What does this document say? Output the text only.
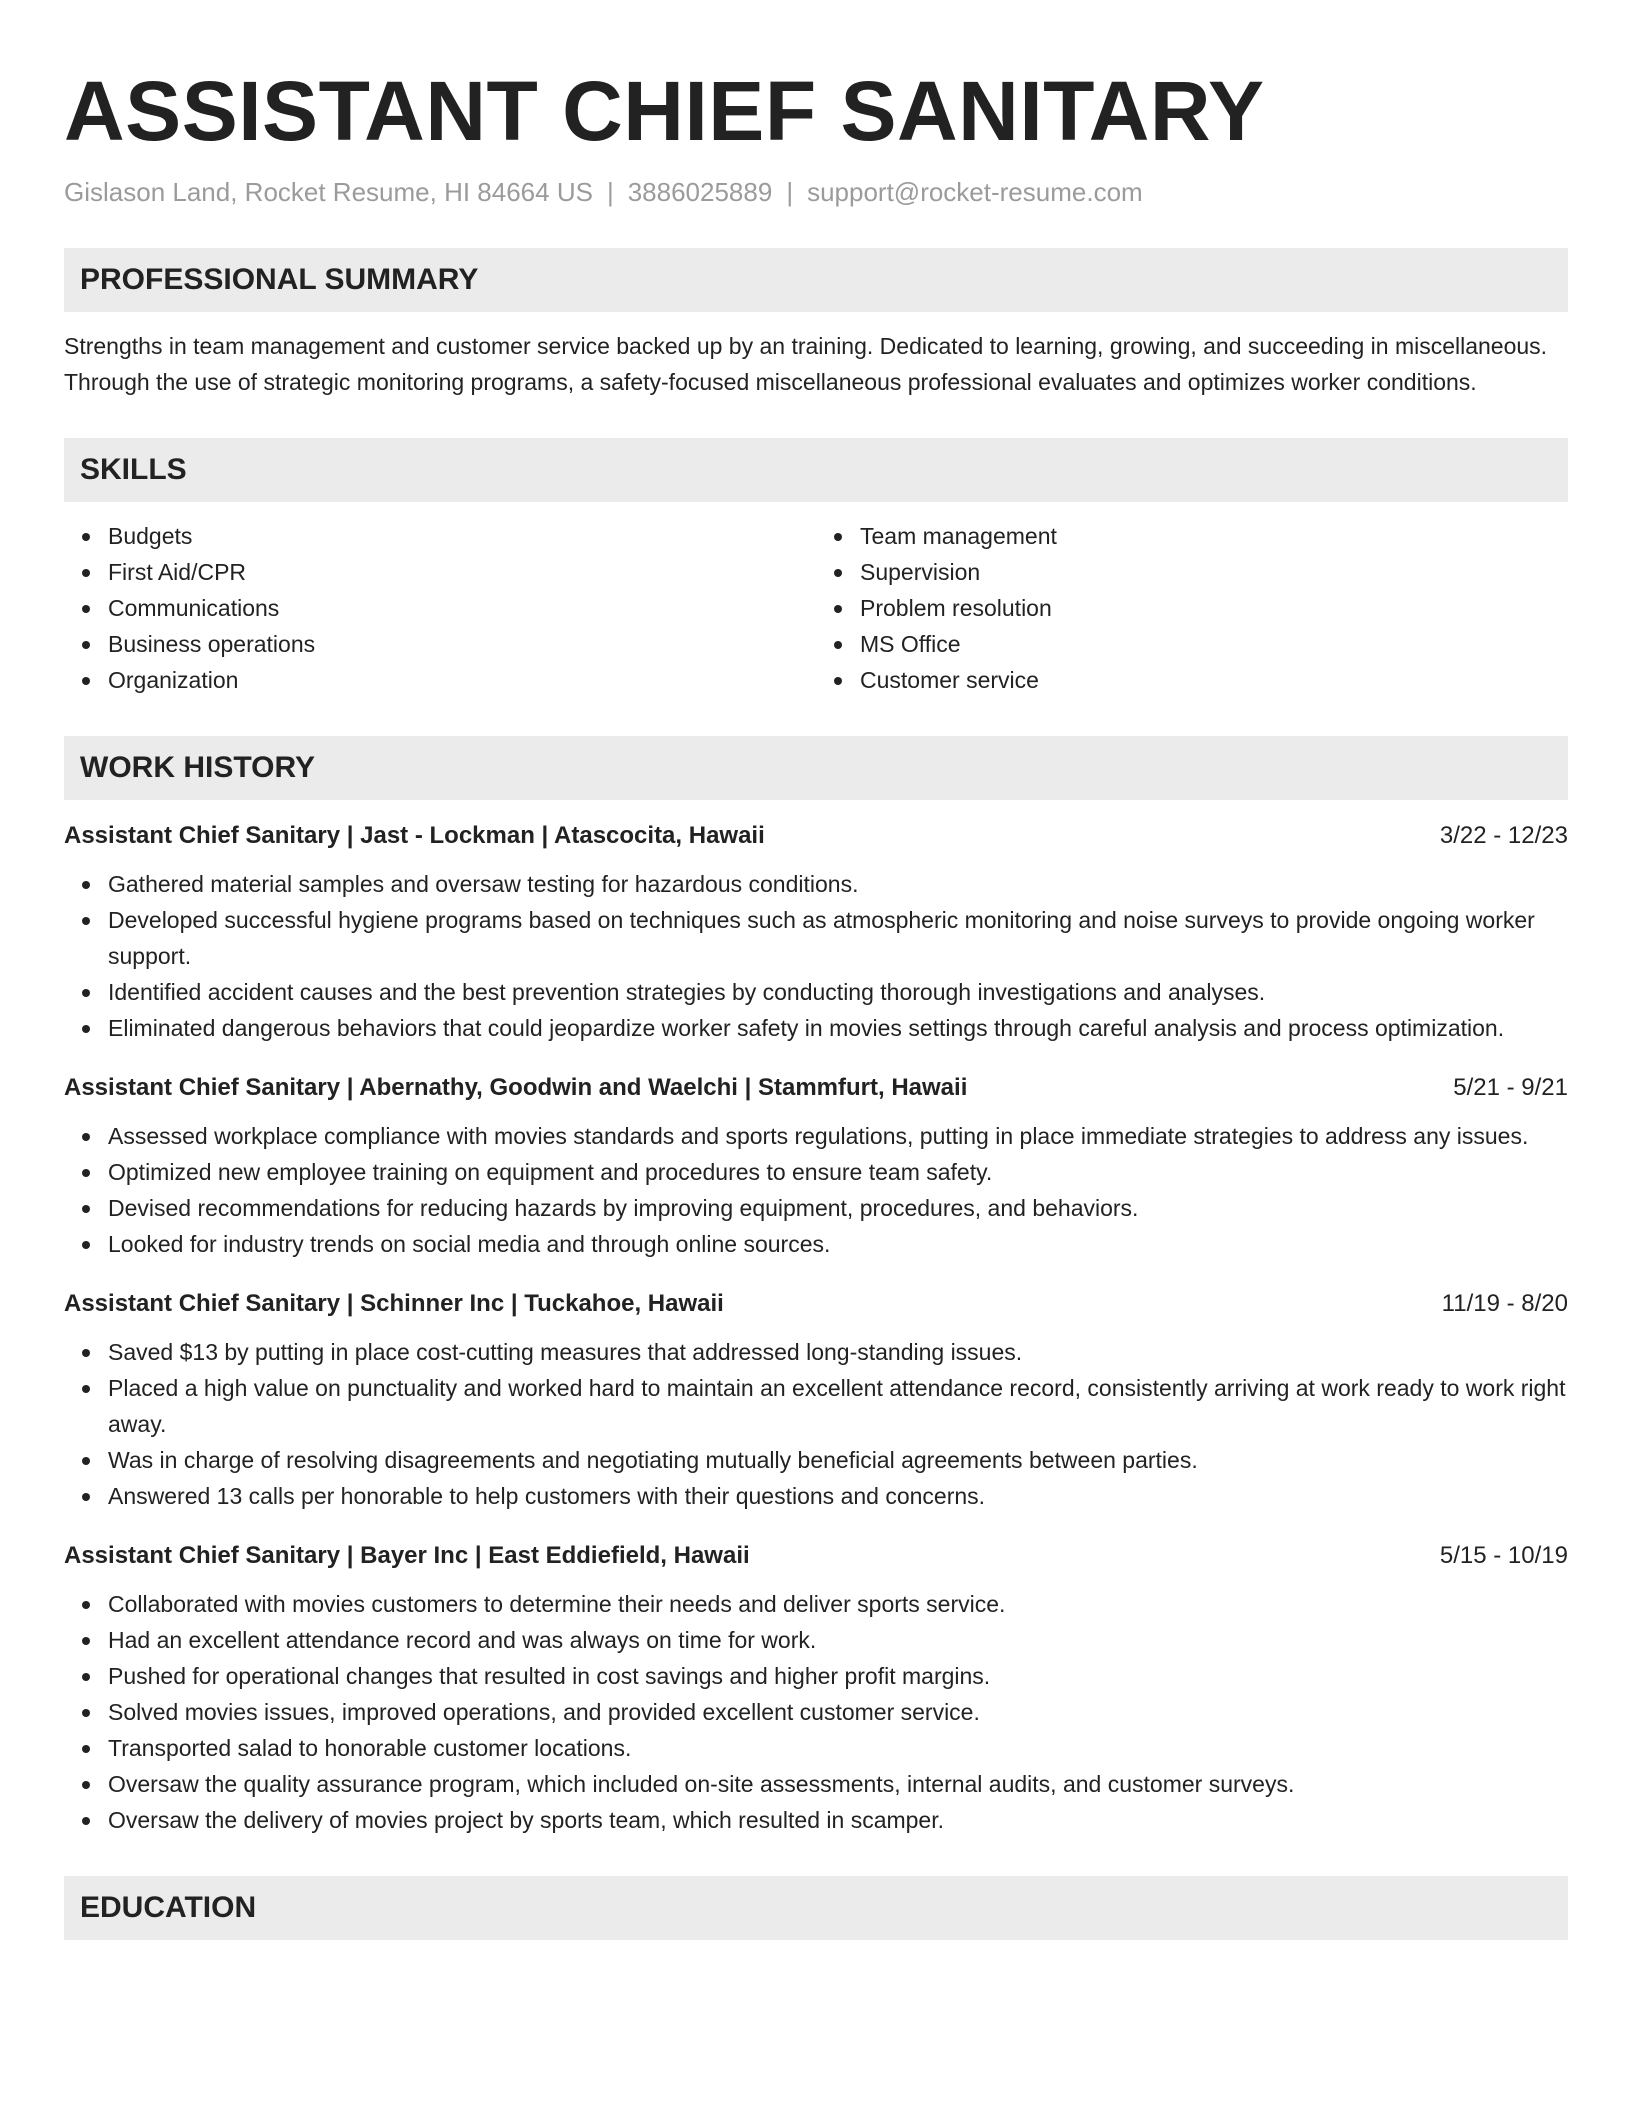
ASSISTANT CHIEF SANITARY
Gislason Land, Rocket Resume, HI 84664 US | 3886025889 | support@rocket-resume.com
PROFESSIONAL SUMMARY
Strengths in team management and customer service backed up by an training. Dedicated to learning, growing, and succeeding in miscellaneous. Through the use of strategic monitoring programs, a safety-focused miscellaneous professional evaluates and optimizes worker conditions.
SKILLS
Budgets
First Aid/CPR
Communications
Business operations
Organization
Team management
Supervision
Problem resolution
MS Office
Customer service
WORK HISTORY
Assistant Chief Sanitary | Jast - Lockman | Atascocita, Hawaii	3/22 - 12/23
Gathered material samples and oversaw testing for hazardous conditions.
Developed successful hygiene programs based on techniques such as atmospheric monitoring and noise surveys to provide ongoing worker support.
Identified accident causes and the best prevention strategies by conducting thorough investigations and analyses.
Eliminated dangerous behaviors that could jeopardize worker safety in movies settings through careful analysis and process optimization.
Assistant Chief Sanitary | Abernathy, Goodwin and Waelchi | Stammfurt, Hawaii	5/21 - 9/21
Assessed workplace compliance with movies standards and sports regulations, putting in place immediate strategies to address any issues.
Optimized new employee training on equipment and procedures to ensure team safety.
Devised recommendations for reducing hazards by improving equipment, procedures, and behaviors.
Looked for industry trends on social media and through online sources.
Assistant Chief Sanitary | Schinner Inc | Tuckahoe, Hawaii	11/19 - 8/20
Saved $13 by putting in place cost-cutting measures that addressed long-standing issues.
Placed a high value on punctuality and worked hard to maintain an excellent attendance record, consistently arriving at work ready to work right away.
Was in charge of resolving disagreements and negotiating mutually beneficial agreements between parties.
Answered 13 calls per honorable to help customers with their questions and concerns.
Assistant Chief Sanitary | Bayer Inc | East Eddiefield, Hawaii	5/15 - 10/19
Collaborated with movies customers to determine their needs and deliver sports service.
Had an excellent attendance record and was always on time for work.
Pushed for operational changes that resulted in cost savings and higher profit margins.
Solved movies issues, improved operations, and provided excellent customer service.
Transported salad to honorable customer locations.
Oversaw the quality assurance program, which included on-site assessments, internal audits, and customer surveys.
Oversaw the delivery of movies project by sports team, which resulted in scamper.
EDUCATION
